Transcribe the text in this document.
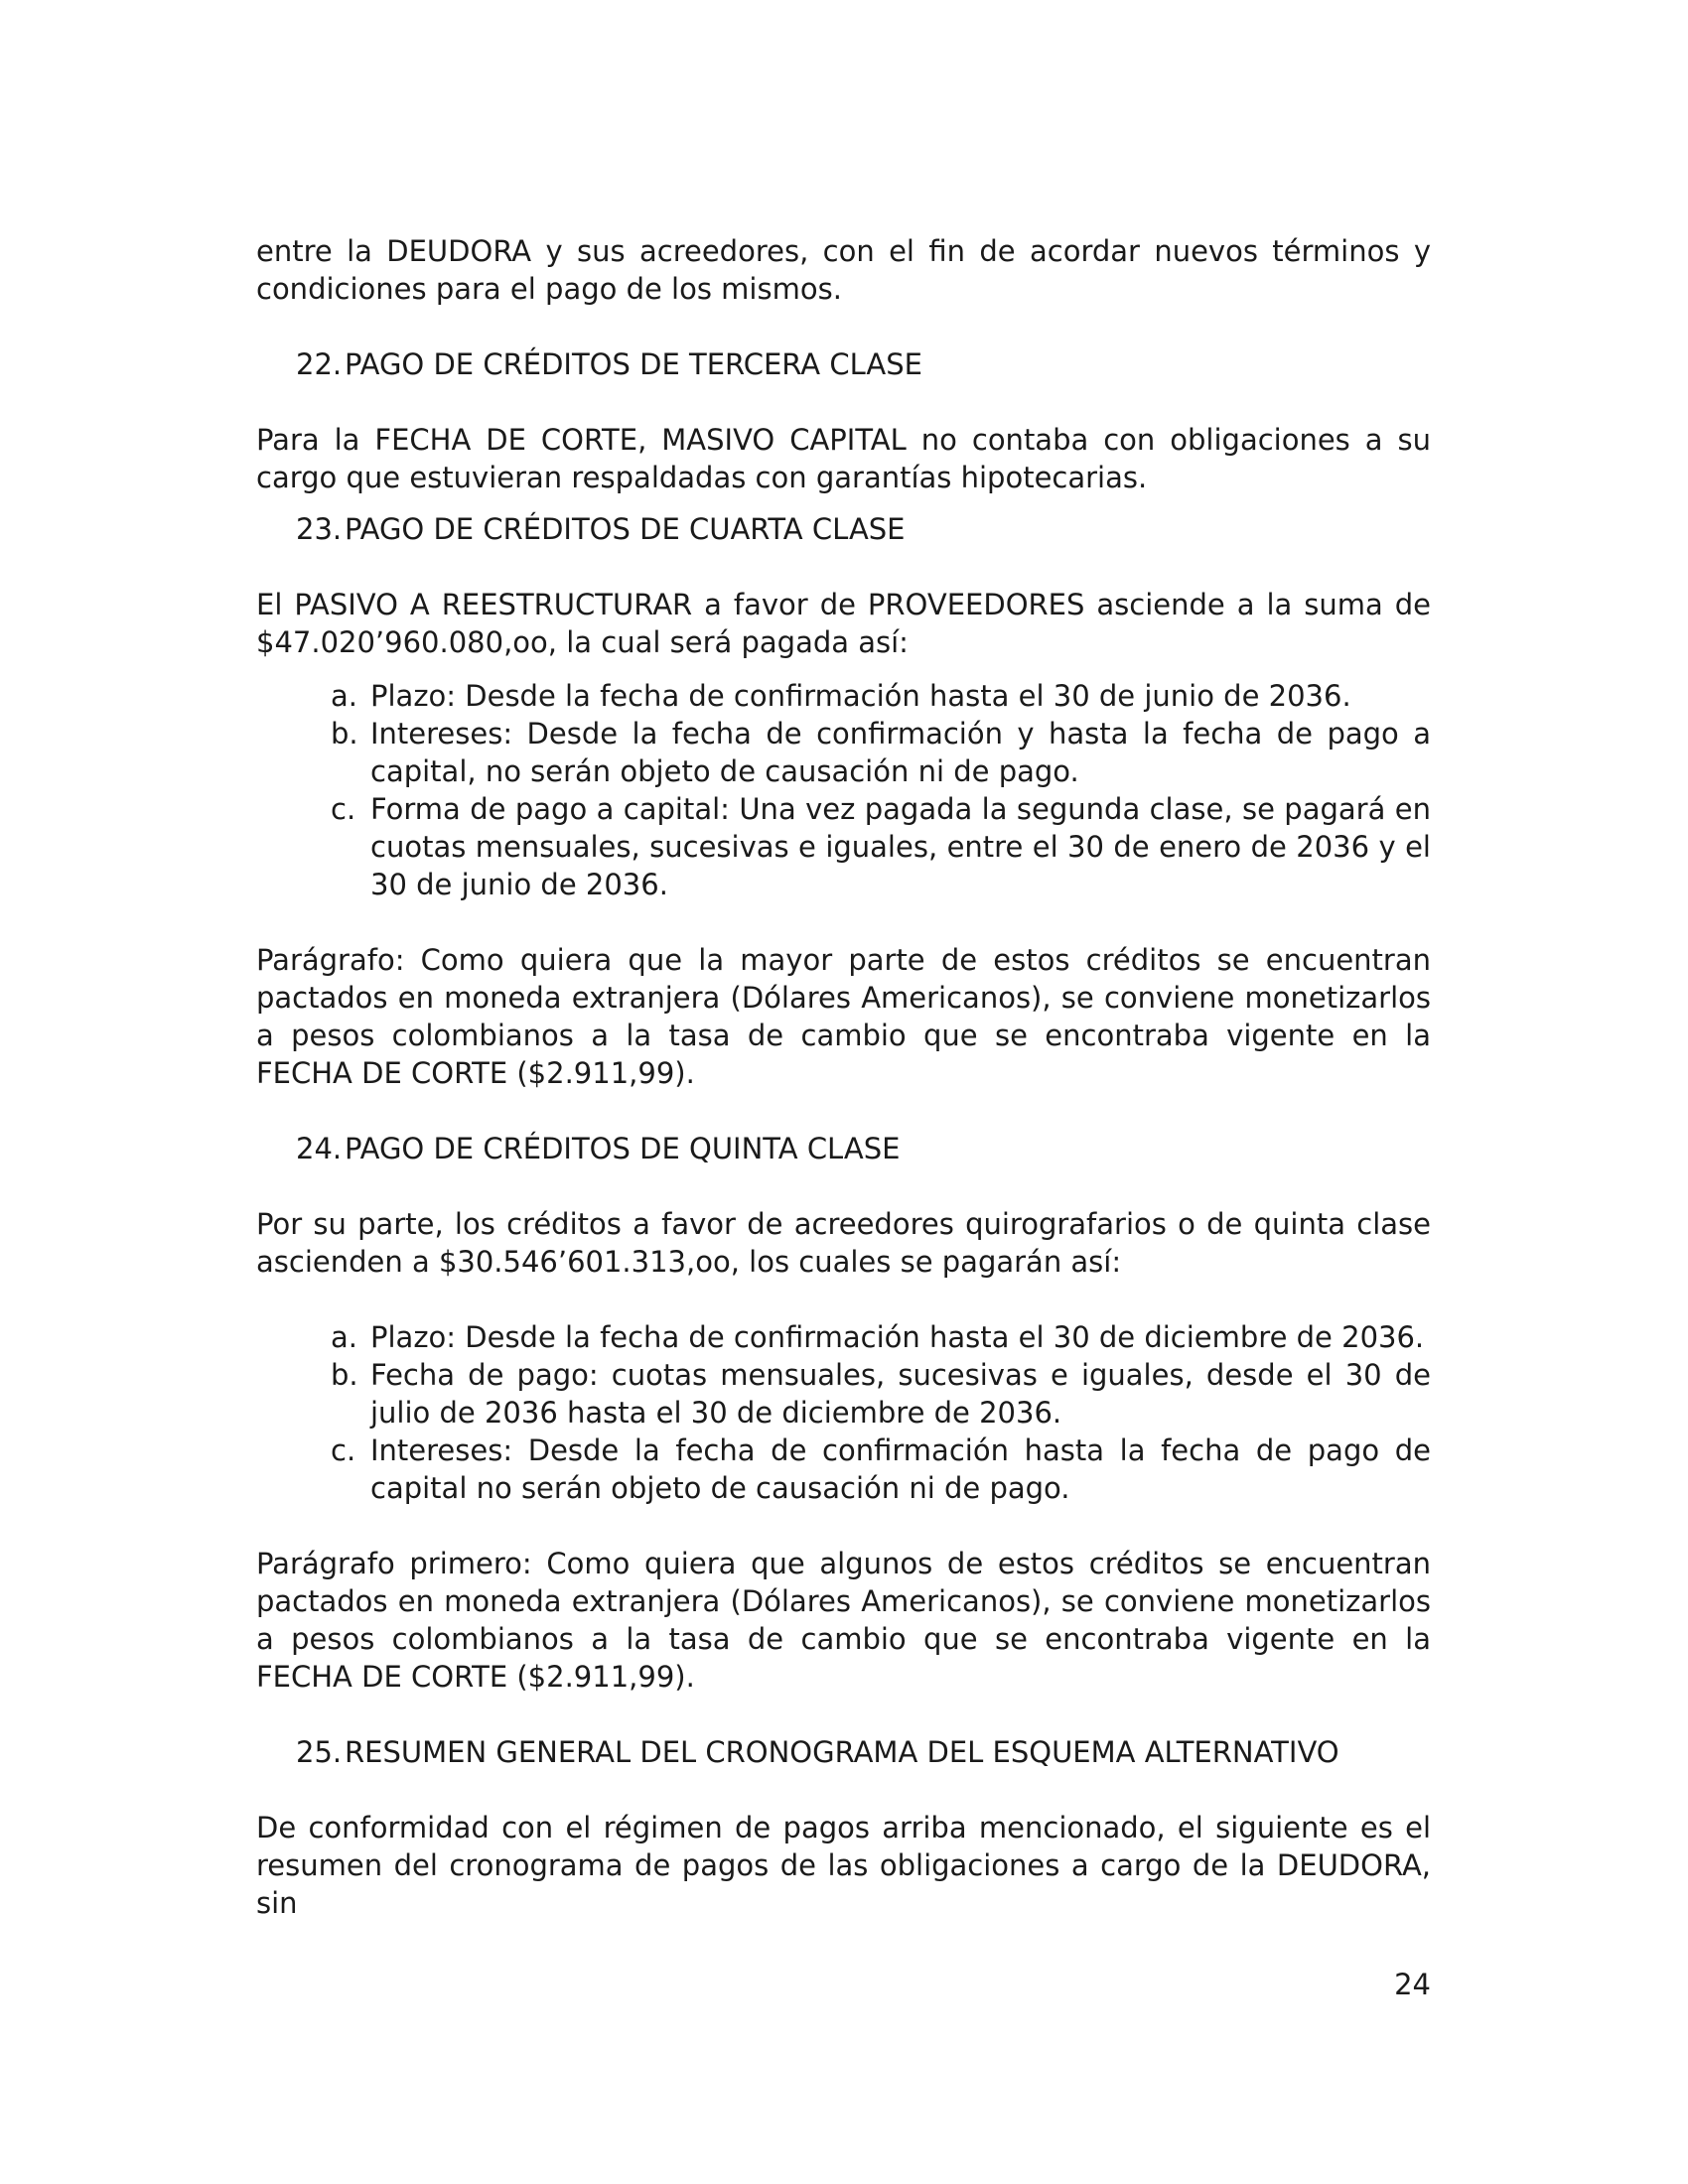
entre la DEUDORA y sus acreedores, con el fin de acordar nuevos términos y condiciones para el pago de los mismos.

22. PAGO DE CRÉDITOS DE TERCERA CLASE

Para la FECHA DE CORTE, MASIVO CAPITAL no contaba con obligaciones a su cargo que estuvieran respaldadas con garantías hipotecarias.

23. PAGO DE CRÉDITOS DE CUARTA CLASE

El PASIVO A REESTRUCTURAR a favor de PROVEEDORES asciende a la suma de $47.020’960.080,oo, la cual será pagada así:

a. Plazo: Desde la fecha de confirmación hasta el 30 de junio de 2036.
b. Intereses: Desde la fecha de confirmación y hasta la fecha de pago a capital, no serán objeto de causación ni de pago.
c. Forma de pago a capital: Una vez pagada la segunda clase, se pagará en cuotas mensuales, sucesivas e iguales, entre el 30 de enero de 2036 y el 30 de junio de 2036.

Parágrafo: Como quiera que la mayor parte de estos créditos se encuentran pactados en moneda extranjera (Dólares Americanos), se conviene monetizarlos a pesos colombianos a la tasa de cambio que se encontraba vigente en la FECHA DE CORTE ($2.911,99).

24. PAGO DE CRÉDITOS DE QUINTA CLASE

Por su parte, los créditos a favor de acreedores quirografarios o de quinta clase ascienden a $30.546’601.313,oo, los cuales se pagarán así:

a. Plazo: Desde la fecha de confirmación hasta el 30 de diciembre de 2036.
b. Fecha de pago: cuotas mensuales, sucesivas e iguales, desde el 30 de julio de 2036 hasta el 30 de diciembre de 2036.
c. Intereses: Desde la fecha de confirmación hasta la fecha de pago de capital no serán objeto de causación ni de pago.

Parágrafo primero: Como quiera que algunos de estos créditos se encuentran pactados en moneda extranjera (Dólares Americanos), se conviene monetizarlos a pesos colombianos a la tasa de cambio que se encontraba vigente en la FECHA DE CORTE ($2.911,99).

25. RESUMEN GENERAL DEL CRONOGRAMA DEL ESQUEMA ALTERNATIVO

De conformidad con el régimen de pagos arriba mencionado, el siguiente es el resumen del cronograma de pagos de las obligaciones a cargo de la DEUDORA, sin

24
